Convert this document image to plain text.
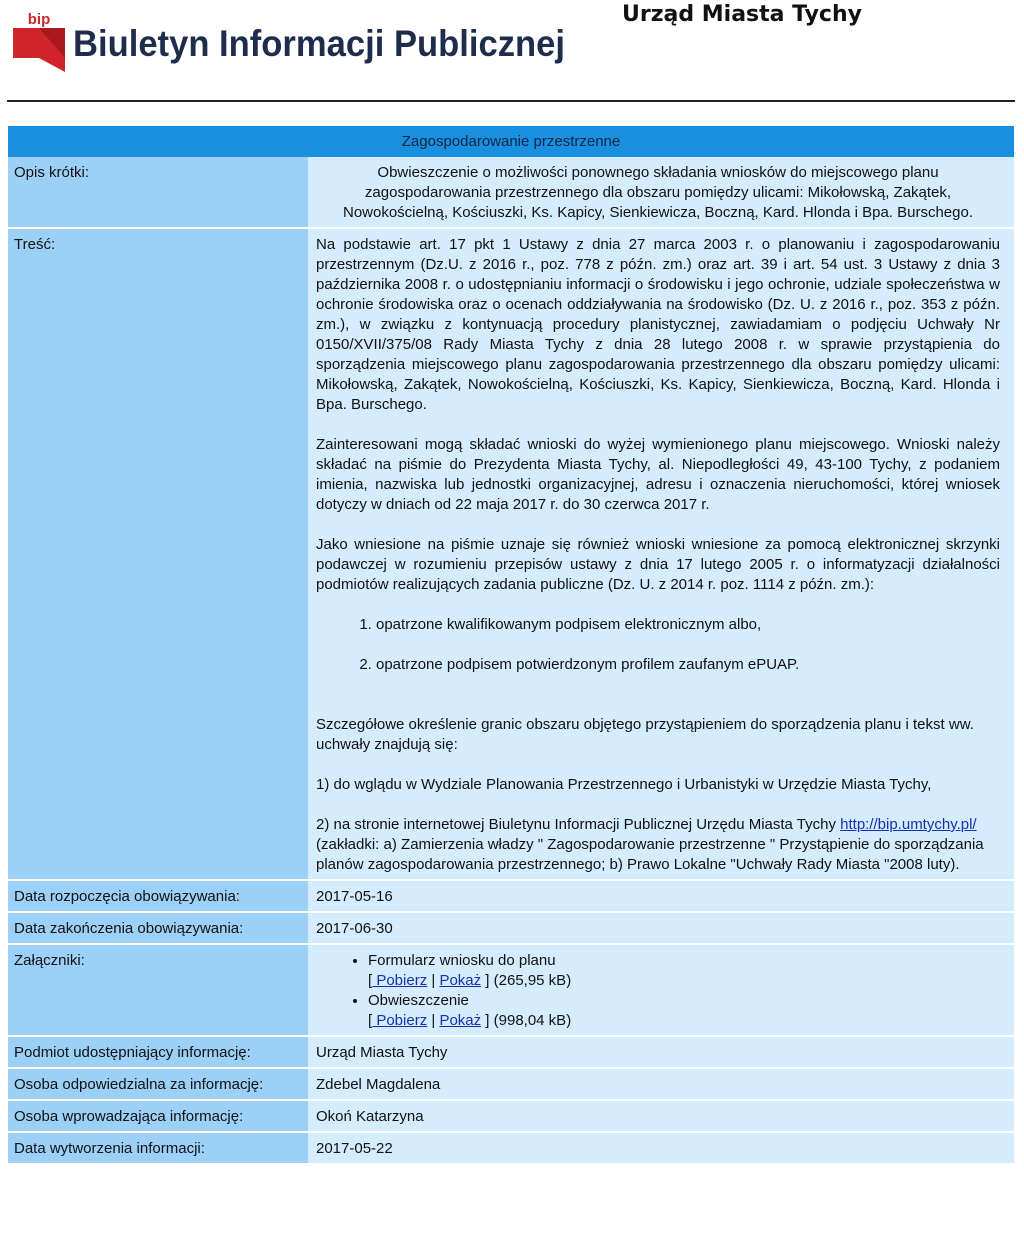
bip
Biuletyn Informacji Publicznej
Urząd Miasta Tychy
Zagospodarowanie przestrzenne
Opis krótki:	Obwieszczenie o możliwości ponownego składania wniosków do miejscowego planu zagospodarowania przestrzennego dla obszaru pomiędzy ulicami: Mikołowską, Zakątek, Nowokościelną, Kościuszki, Ks. Kapicy, Sienkiewicza, Boczną, Kard. Hlonda i Bpa. Burschego.
Treść:	Na podstawie art. 17 pkt 1 Ustawy z dnia 27 marca 2003 r. o planowaniu i zagospodarowaniu przestrzennym (Dz.U. z 2016 r., poz. 778 z późn. zm.) oraz art. 39 i art. 54 ust. 3 Ustawy z dnia 3 października 2008 r. o udostępnianiu informacji o środowisku i jego ochronie, udziale społeczeństwa w ochronie środowiska oraz o ocenach oddziaływania na środowisko (Dz. U. z 2016 r., poz. 353 z późn. zm.), w związku z kontynuacją procedury planistycznej, zawiadamiam o podjęciu Uchwały Nr 0150/XVII/375/08 Rady Miasta Tychy z dnia 28 lutego 2008 r. w sprawie przystąpienia do sporządzenia miejscowego planu zagospodarowania przestrzennego dla obszaru pomiędzy ulicami: Mikołowską, Zakątek, Nowokościelną, Kościuszki, Ks. Kapicy, Sienkiewicza, Boczną, Kard. Hlonda i Bpa. Burschego.

Zainteresowani mogą składać wnioski do wyżej wymienionego planu miejscowego. Wnioski należy składać na piśmie do Prezydenta Miasta Tychy, al. Niepodległości 49, 43-100 Tychy, z podaniem imienia, nazwiska lub jednostki organizacyjnej, adresu i oznaczenia nieruchomości, której wniosek dotyczy w dniach od 22 maja 2017 r. do 30 czerwca 2017 r.

Jako wniesione na piśmie uznaje się również wnioski wniesione za pomocą elektronicznej skrzynki podawczej w rozumieniu przepisów ustawy z dnia 17 lutego 2005 r. o informatyzacji działalności podmiotów realizujących zadania publiczne (Dz. U. z 2014 r. poz. 1114 z późn. zm.):

1. opatrzone kwalifikowanym podpisem elektronicznym albo,
2. opatrzone podpisem potwierdzonym profilem zaufanym ePUAP.

Szczegółowe określenie granic obszaru objętego przystąpieniem do sporządzenia planu i tekst ww. uchwały znajdują się:

1) do wglądu w Wydziale Planowania Przestrzennego i Urbanistyki w Urzędzie Miasta Tychy,

2) na stronie internetowej Biuletynu Informacji Publicznej Urzędu Miasta Tychy http://bip.umtychy.pl/ (zakładki: a) Zamierzenia władzy " Zagospodarowanie przestrzenne " Przystąpienie do sporządzania planów zagospodarowania przestrzennego; b) Prawo Lokalne "Uchwały Rady Miasta "2008 luty).

Data rozpoczęcia obowiązywania:	2017-05-16
Data zakończenia obowiązywania:	2017-06-30
Załączniki:
•	Formularz wniosku do planu
[ Pobierz | Pokaż ] (265,95 kB)
• Obwieszczenie
[ Pobierz | Pokaż ] (998,04 kB)
Podmiot udostępniający informację:	Urząd Miasta Tychy
Osoba odpowiedzialna za informację:	Zdebel Magdalena
Osoba wprowadzająca informację:	Okoń Katarzyna
Data wytworzenia informacji:	2017-05-22
